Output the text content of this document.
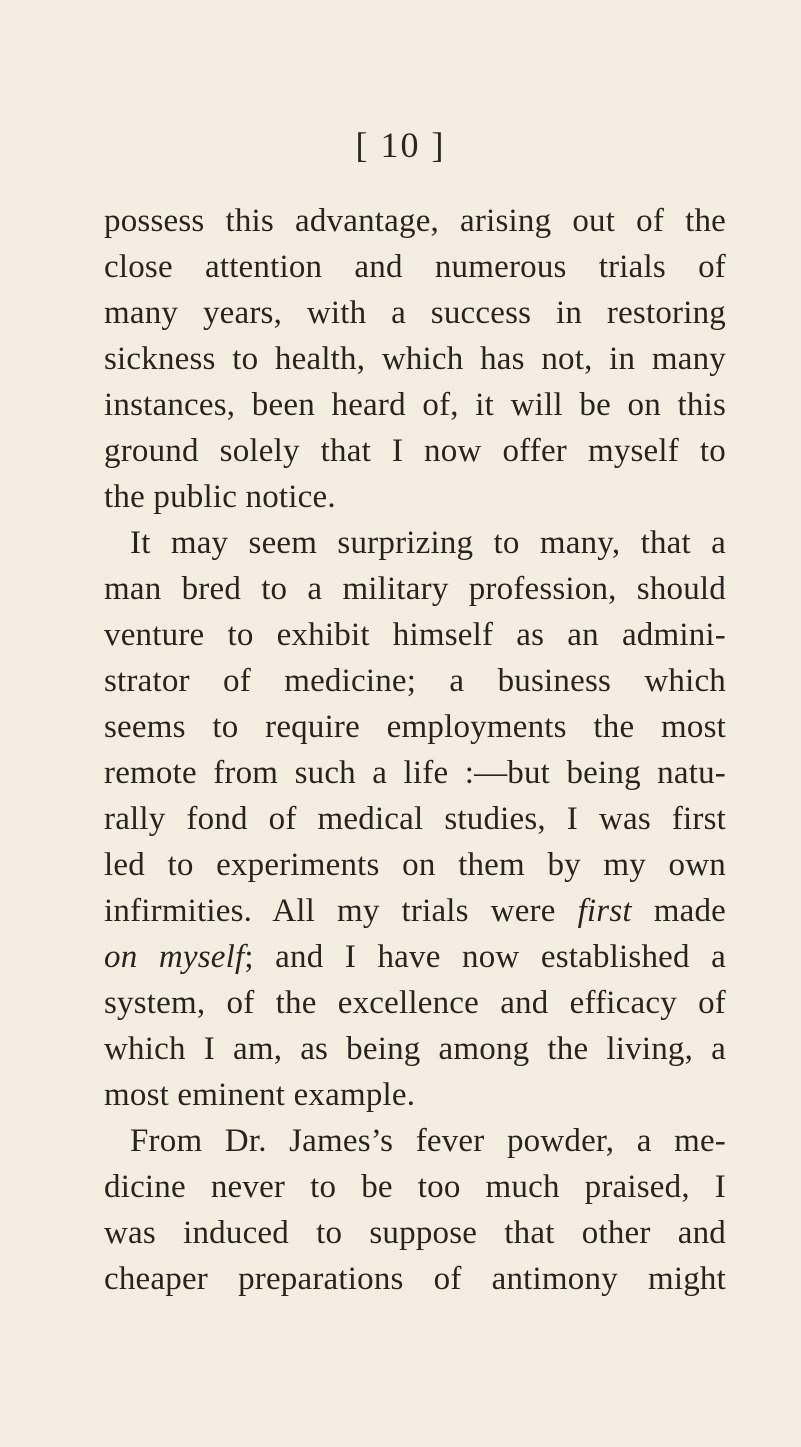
[ 10 ]
possess this advantage, arising out of the
close attention and numerous trials of
many years, with a success in restoring
sickness to health, which has not, in many
instances, been heard of, it will be on this
ground solely that I now offer myself to
the public notice.
It may seem surprizing to many, that a
man bred to a military profession, should
venture to exhibit himself as an admini-
strator of medicine; a business which
seems to require employments the most
remote from such a life :—but being natu-
rally fond of medical studies, I was first
led to experiments on them by my own
infirmities. All my trials were first made
on myself; and I have now established a
system, of the excellence and efficacy of
which I am, as being among the living, a
most eminent example.
From Dr. James’s fever powder, a me-
dicine never to be too much praised, I
was induced to suppose that other and
cheaper preparations of antimony might
